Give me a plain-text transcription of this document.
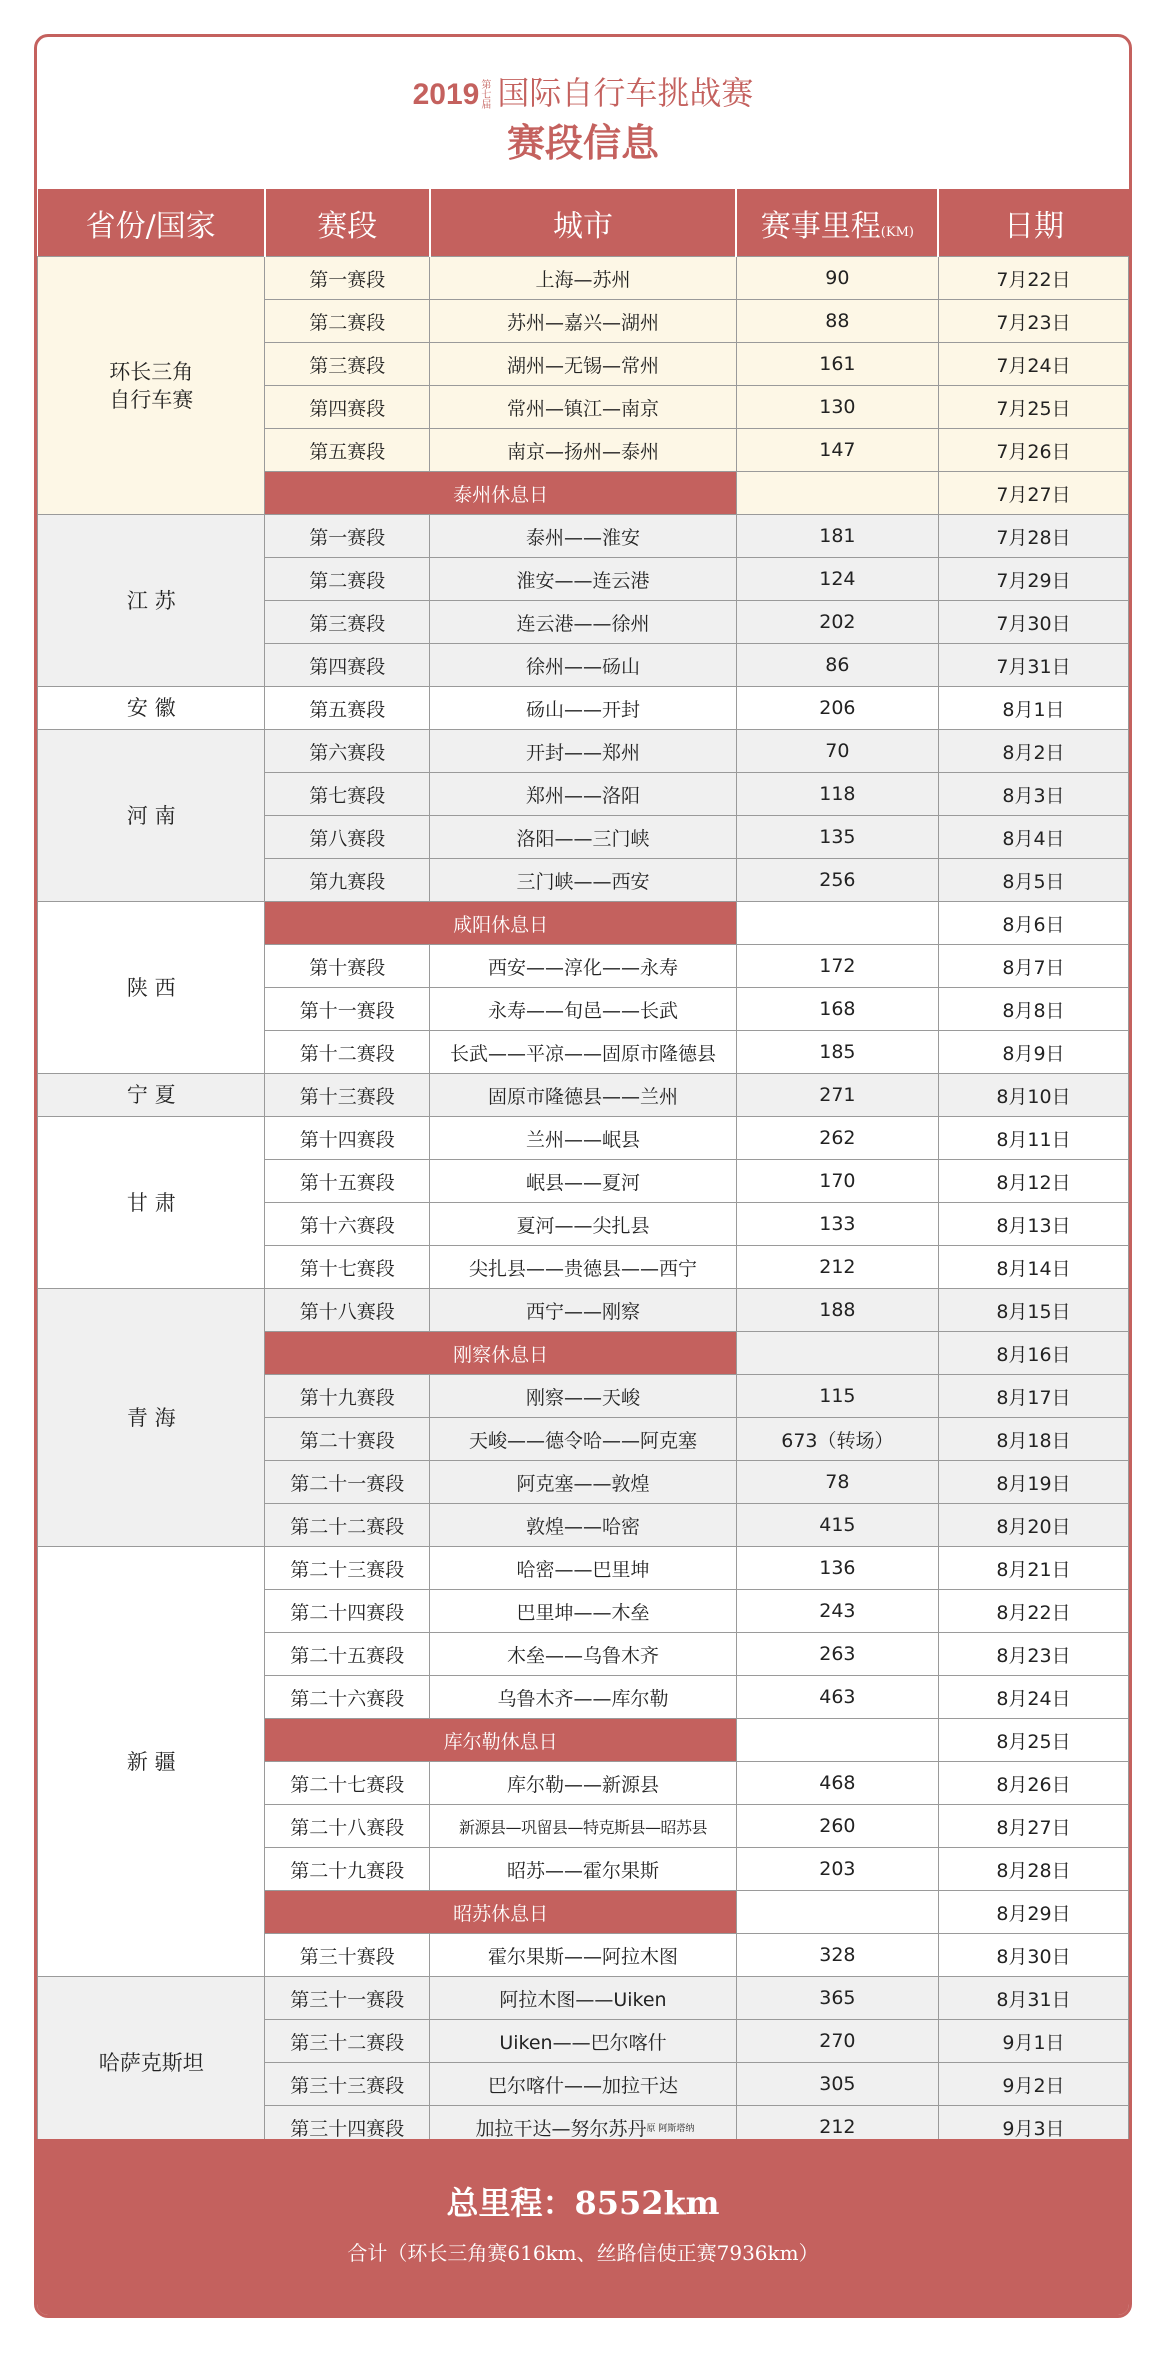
2019 第七届 国际自行车挑战赛
赛段信息
省份/国家	赛段	城市	赛事里程(KM)	日期
环长三角
自行车赛	第一赛段	上海—苏州	90	7月22日
	第二赛段	苏州—嘉兴—湖州	88	7月23日
	第三赛段	湖州—无锡—常州	161	7月24日
	第四赛段	常州—镇江—南京	130	7月25日
	第五赛段	南京—扬州—泰州	147	7月26日
	泰州休息日			7月27日
江 苏	第一赛段	泰州——淮安	181	7月28日
	第二赛段	淮安——连云港	124	7月29日
	第三赛段	连云港——徐州	202	7月30日
	第四赛段	徐州——砀山	86	7月31日
安 徽	第五赛段	砀山——开封	206	8月1日
河 南	第六赛段	开封——郑州	70	8月2日
	第七赛段	郑州——洛阳	118	8月3日
	第八赛段	洛阳——三门峡	135	8月4日
	第九赛段	三门峡——西安	256	8月5日
陕 西	咸阳休息日			8月6日
	第十赛段	西安——淳化——永寿	172	8月7日
	第十一赛段	永寿——旬邑——长武	168	8月8日
	第十二赛段	长武——平凉——固原市隆德县	185	8月9日
宁 夏	第十三赛段	固原市隆德县——兰州	271	8月10日
甘 肃	第十四赛段	兰州——岷县	262	8月11日
	第十五赛段	岷县——夏河	170	8月12日
	第十六赛段	夏河——尖扎县	133	8月13日
	第十七赛段	尖扎县——贵德县——西宁	212	8月14日
青 海	第十八赛段	西宁——刚察	188	8月15日
	刚察休息日			8月16日
	第十九赛段	刚察——天峻	115	8月17日
	第二十赛段	天峻——德令哈——阿克塞	673（转场）	8月18日
	第二十一赛段	阿克塞——敦煌	78	8月19日
	第二十二赛段	敦煌——哈密	415	8月20日
新 疆	第二十三赛段	哈密——巴里坤	136	8月21日
	第二十四赛段	巴里坤——木垒	243	8月22日
	第二十五赛段	木垒——乌鲁木齐	263	8月23日
	第二十六赛段	乌鲁木齐——库尔勒	463	8月24日
	库尔勒休息日			8月25日
	第二十七赛段	库尔勒——新源县	468	8月26日
	第二十八赛段	新源县—巩留县—特克斯县—昭苏县	260	8月27日
	第二十九赛段	昭苏——霍尔果斯	203	8月28日
	昭苏休息日			8月29日
	第三十赛段	霍尔果斯——阿拉木图	328	8月30日
哈萨克斯坦	第三十一赛段	阿拉木图——Uiken	365	8月31日
	第三十二赛段	Uiken——巴尔喀什	270	9月1日
	第三十三赛段	巴尔喀什——加拉干达	305	9月2日
	第三十四赛段	加拉干达—努尔苏丹原 阿斯塔纳	212	9月3日
总里程：8552km
合计（环长三角赛616km、丝路信使正赛7936km）
